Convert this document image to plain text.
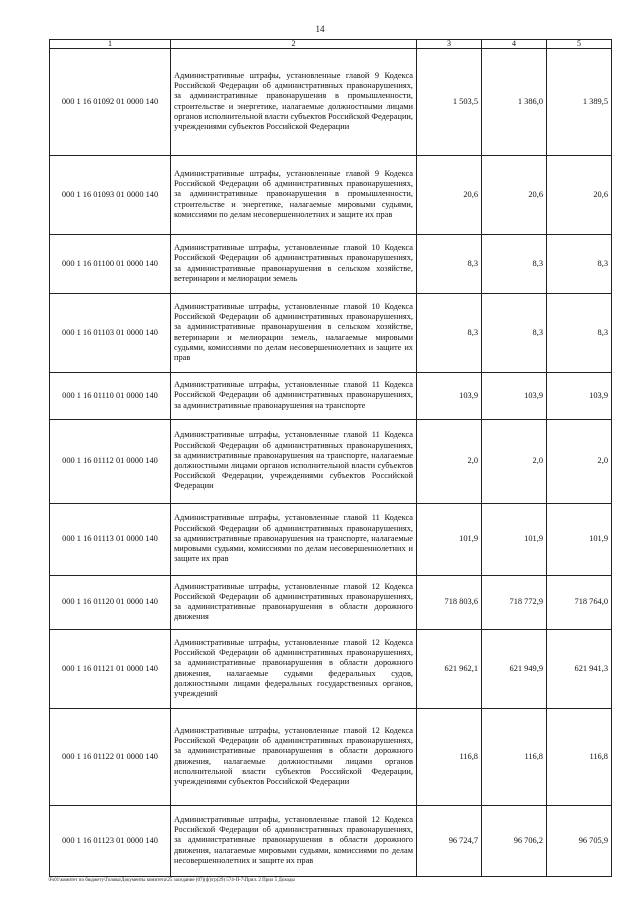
14
1	2	3	4	5
000 1 16 01092 01 0000 140	Административные штрафы, установленные главой 9 Кодекса Российской Федерации об административных правонарушениях, за административные правонарушения в промышленности, строительстве и энергетике, налагаемые должностными лицами органов исполнительной власти субъектов Российской Федерации, учреждениями субъектов Российской Федерации	1 503,5	1 386,0	1 389,5
000 1 16 01093 01 0000 140	Административные штрафы, установленные главой 9 Кодекса Российской Федерации об административных правонарушениях, за административные правонарушения в промышленности, строительстве и энергетике, налагаемые мировыми судьями, комиссиями по делам несовершеннолетних и защите их прав	20,6	20,6	20,6
000 1 16 01100 01 0000 140	Административные штрафы, установленные главой 10 Кодекса Российской Федерации об административных правонарушениях, за административные правонарушения в сельском хозяйстве, ветеринарии и мелиорации земель	8,3	8,3	8,3
000 1 16 01103 01 0000 140	Административные штрафы, установленные главой 10 Кодекса Российской Федерации об административных правонарушениях, за административные правонарушения в сельском хозяйстве, ветеринарии и мелиорации земель, налагаемые мировыми судьями, комиссиями по делам несовершеннолетних и защите их прав	8,3	8,3	8,3
000 1 16 01110 01 0000 140	Административные штрафы, установленные главой 11 Кодекса Российской Федерации об административных правонарушениях, за административные правонарушения на транспорте	103,9	103,9	103,9
000 1 16 01112 01 0000 140	Административные штрафы, установленные главой 11 Кодекса Российской Федерации об административных правонарушениях, за административные правонарушения на транспорте, налагаемые должностными лицами органов исполнительной власти субъектов Российской Федерации, учреждениями субъектов Российской Федерации	2,0	2,0	2,0
000 1 16 01113 01 0000 140	Административные штрафы, установленные главой 11 Кодекса Российской Федерации об административных правонарушениях, за административные правонарушения на транспорте, налагаемые мировыми судьями, комиссиями по делам несовершеннолетних и защите их прав	101,9	101,9	101,9
000 1 16 01120 01 0000 140	Административные штрафы, установленные главой 12 Кодекса Российской Федерации об административных правонарушениях, за административные правонарушения в области дорожного движения	718 803,6	718 772,9	718 764,0
000 1 16 01121 01 0000 140	Административные штрафы, установленные главой 12 Кодекса Российской Федерации об административных правонарушениях, за административные правонарушения в области дорожного движения, налагаемые судьями федеральных судов, должностными лицами федеральных государственных органов, учреждений	621 962,1	621 949,9	621 941,3
000 1 16 01122 01 0000 140	Административные штрафы, установленные главой 12 Кодекса Российской Федерации об административных правонарушениях, за административные правонарушения в области дорожного движения, налагаемые должностными лицами органов исполнительной власти субъектов Российской Федерации, учреждениями субъектов Российской Федерации	116,8	116,8	116,8
000 1 16 01123 01 0000 140	Административные штрафы, установленные главой 12 Кодекса Российской Федерации об административных правонарушениях, за административные правонарушения в области дорожного движения, налагаемые мировыми судьями, комиссиями по делам несовершеннолетних и защите их прав	96 724,7	96 706,2	96 705,9
\Fs01\комитет по бюджету\Голова\Документы комитета\25 заседание (07)(ф)\гр(29) 574-П-7\Прил. 2 Прил 5 Доходы
